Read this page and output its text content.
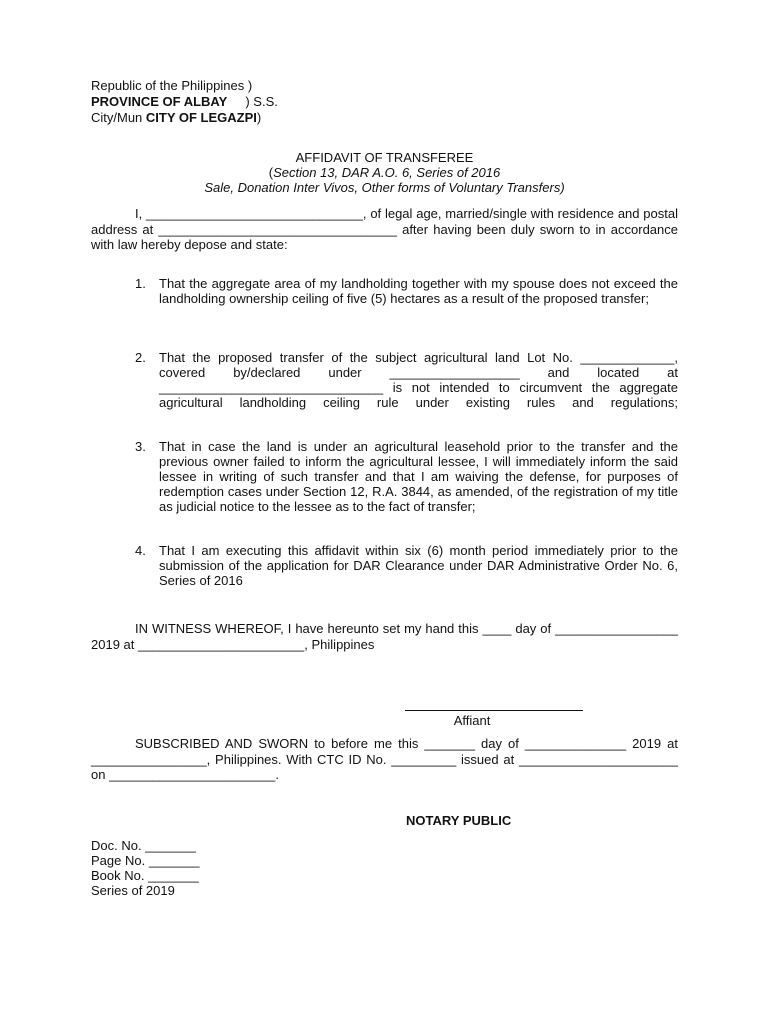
Republic of the Philippines )
PROVINCE OF ALBAY     ) S.S.
City/Mun CITY OF LEGAZPI)
AFFIDAVIT OF TRANSFEREE
(Section 13, DAR A.O. 6, Series of 2016
Sale, Donation Inter Vivos, Other forms of Voluntary Transfers)
I, ______________________________, of legal age, married/single with residence and postal address at _________________________________ after having been duly sworn to in accordance with law hereby depose and state:
1. That the aggregate area of my landholding together with my spouse does not exceed the landholding ownership ceiling of five (5) hectares as a result of the proposed transfer;
2. That the proposed transfer of the subject agricultural land Lot No. _____________, covered by/declared under __________________ and located at _______________________________ is not intended to circumvent the aggregate agricultural landholding ceiling rule under existing rules and regulations;
3. That in case the land is under an agricultural leasehold prior to the transfer and the previous owner failed to inform the agricultural lessee, I will immediately inform the said lessee in writing of such transfer and that I am waiving the defense, for purposes of redemption cases under Section 12, R.A. 3844, as amended, of the registration of my title as judicial notice to the lessee as to the fact of transfer;
4. That I am executing this affidavit within six (6) month period immediately prior to the submission of the application for DAR Clearance under DAR Administrative Order No. 6, Series of 2016
IN WITNESS WHEREOF, I have hereunto set my hand this ____ day of _________________ 2019 at _______________________, Philippines
Affiant
SUBSCRIBED AND SWORN to before me this _______ day of ______________ 2019 at ________________, Philippines. With CTC ID No. _________ issued at ______________________ on _______________________.
NOTARY PUBLIC
Doc. No. _______
Page No. _______
Book No. _______
Series of 2019
